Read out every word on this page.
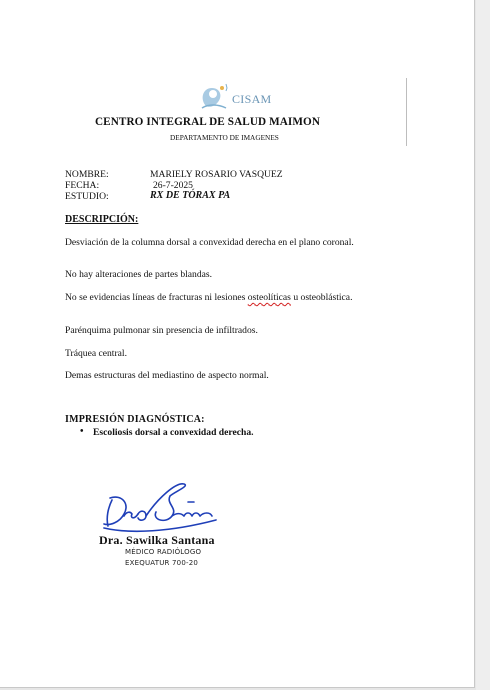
CISAM
CENTRO INTEGRAL DE SALUD MAIMON
DEPARTAMENTO DE IMAGENES
NOMBRE:	MARIELY ROSARIO VASQUEZ
FECHA:	26-7-2025
ESTUDIO:	RX DE TÓRAX PA
DESCRIPCIÓN:
Desviación de la columna dorsal a convexidad derecha en el plano coronal.
No hay alteraciones de partes blandas.
No se evidencias líneas de fracturas ni lesiones osteolíticas u osteoblástica.
Parénquima pulmonar sin presencia de infiltrados.
Tráquea central.
Demas estructuras del mediastino de aspecto normal.
IMPRESIÓN DIAGNÓSTICA:
• Escoliosis dorsal a convexidad derecha.
Dra. Sawilka Santana
MÉDICO RADIÓLOGO
EXEQUATUR 700-20
